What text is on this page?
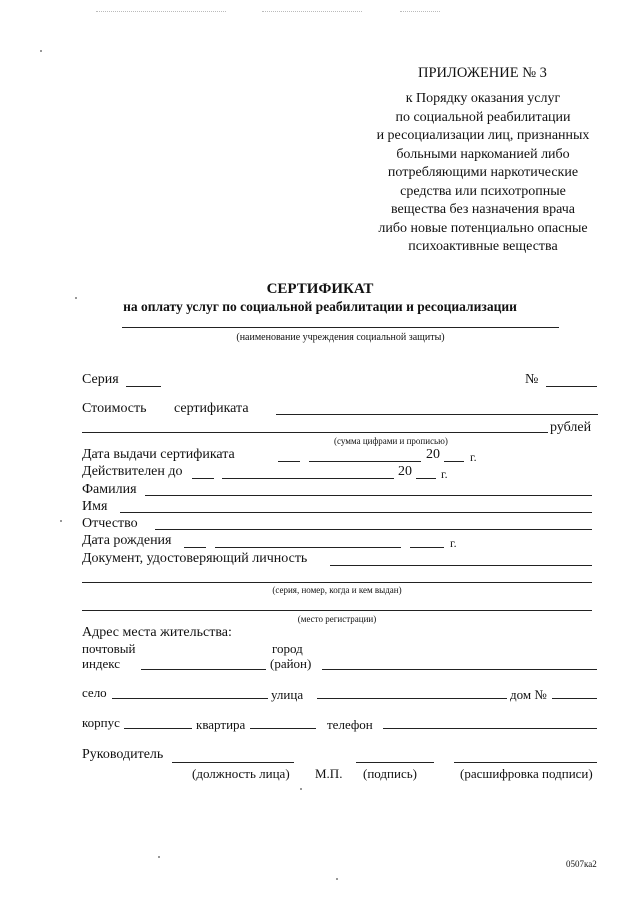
ПРИЛОЖЕНИЕ № 3
к Порядку оказания услуг
по социальной реабилитации
и ресоциализации лиц, признанных
больными наркоманией либо
потребляющими наркотические
средства или психотропные
вещества без назначения врача
либо новые потенциально опасные
психоактивные вещества
СЕРТИФИКАТ
на оплату услуг по социальной реабилитации и ресоциализации
(наименование учреждения социальной защиты)
Серия	№
Стоимость сертификата
рублей
(сумма цифрами и прописью)
Дата выдачи сертификата	20	г.
Действителен до	20 г.
Фамилия
Имя
Отчество
Дата рождения	г.
Документ, удостоверяющий личность
(серия, номер, когда и кем выдан)
(место регистрации)
Адрес места жительства:
почтовый
индекс
город
(район)
село	улица	дом №
корпус	квартира	телефон
Руководитель
(должность лица) М.П. (подпись)	(расшифровка подписи)
0507ка2
